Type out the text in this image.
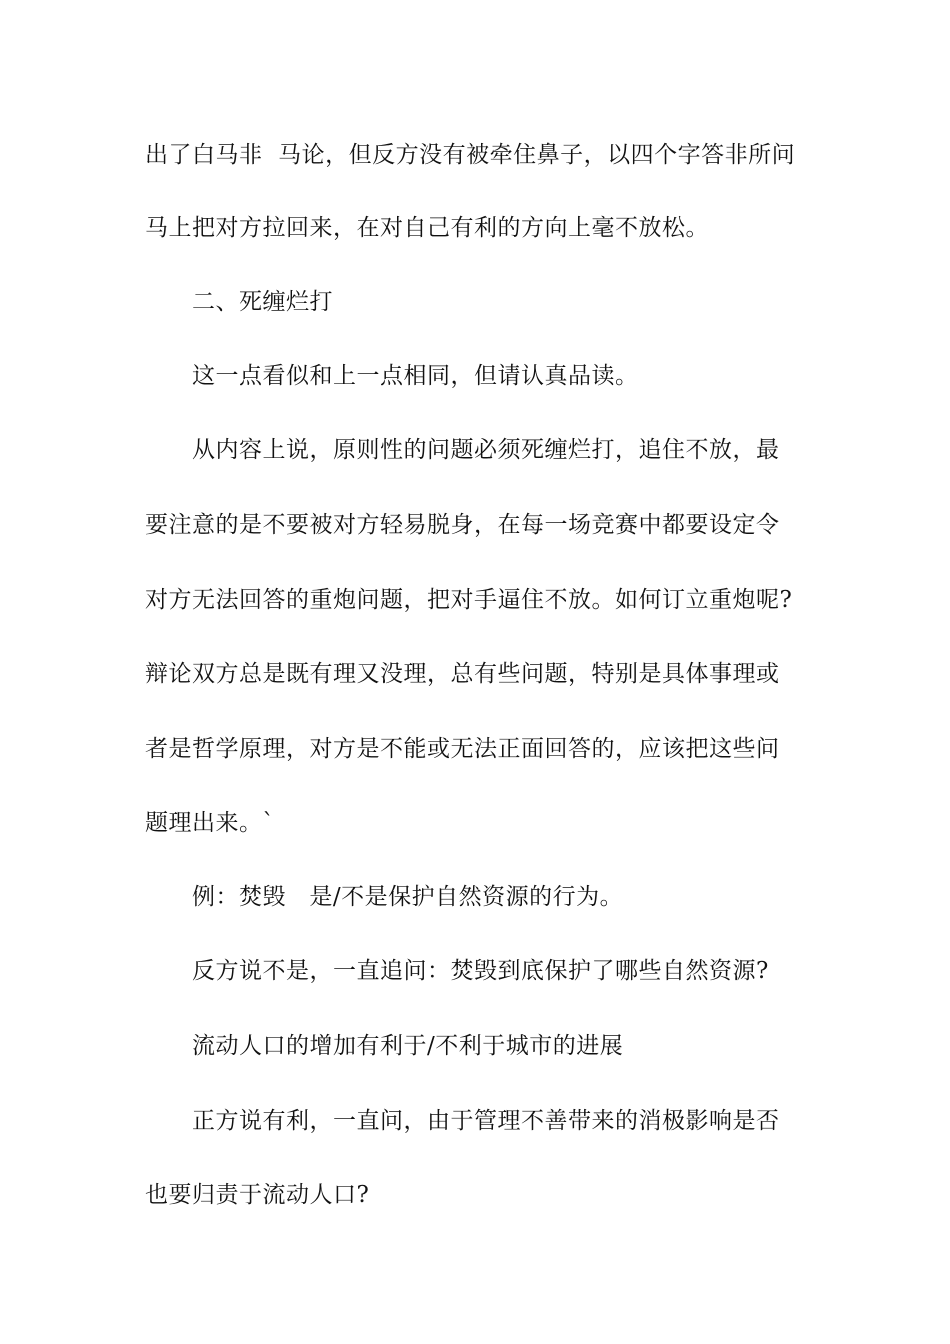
出了白马非  马论，但反方没有被牵住鼻子，以四个字答非所问
马上把对方拉回来，在对自己有利的方向上毫不放松。
二、死缠烂打
这一点看似和上一点相同，但请认真品读。
从内容上说，原则性的问题必须死缠烂打，追住不放，最
要注意的是不要被对方轻易脱身，在每一场竞赛中都要设定令
对方无法回答的重炮问题，把对手逼住不放。如何订立重炮呢?
辩论双方总是既有理又没理，总有些问题，特别是具体事理或
者是哲学原理，对方是不能或无法正面回答的，应该把这些问
题理出来。`
例：焚毁   是/不是保护自然资源的行为。
反方说不是，一直追问：焚毁到底保护了哪些自然资源?
流动人口的增加有利于/不利于城市的进展
正方说有利，一直问，由于管理不善带来的消极影响是否
也要归责于流动人口?
